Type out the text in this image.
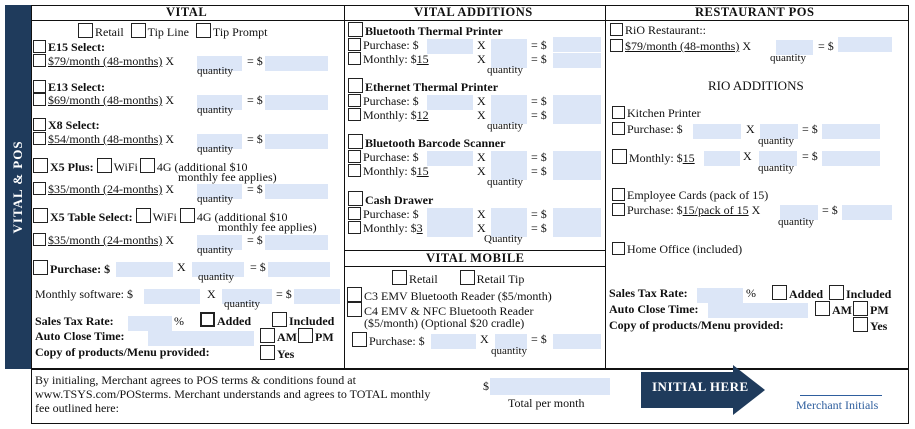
VITAL & POS
VITAL
Retail Tip Line Tip Prompt
E15 Select:
$79/month (48-months) X	= $
quantity
E13 Select:
$69/month (48-months) X	= $
quantity
X8 Select:
$54/month (48-months) X	= $
quantity
X5 Plus: WiFi 4G (additional $10
monthly fee applies)
$35/month (24-months) X	= $
quantity
X5 Table Select: WiFi 4G (additional $10
monthly fee applies)
$35/month (24-months) X	= $
quantity
Purchase: $	X	= $
quantity
Monthly software: $	X	= $
quantity
Sales Tax Rate:	%	Added	Included
Auto Close Time:	AM	PM
Copy of products/Menu provided:	Yes
VITAL ADDITIONS
Bluetooth Thermal Printer
Purchase: $	X	= $
Monthly: $15	X	= $
quantity
Ethernet Thermal Printer
Purchase: $	X	= $
Monthly: $12	X	= $
quantity
Bluetooth Barcode Scanner
Purchase: $	X	= $
Monthly: $15	X	= $
quantity
Cash Drawer
Purchase: $	X	= $
Monthly: $3	X	= $
Quantity
VITAL MOBILE
Retail	Retail Tip
C3 EMV Bluetooth Reader ($5/month)
C4 EMV & NFC Bluetooth Reader
($5/month) (Optional $20 cradle)
Purchase: $	X	= $
quantity
RESTAURANT POS
RiO Restaurant::
$79/month (48-months) X	= $
quantity
RIO ADDITIONS
Kitchen Printer
Purchase: $	X	= $
quantity
Monthly: $15	X	= $
quantity
Employee Cards (pack of 15)
Purchase: $15/pack of 15 X	= $
quantity
Home Office (included)
Sales Tax Rate:	%	Added	Included
Auto Close Time:	AM	PM
Copy of products/Menu provided:	Yes
By initialing, Merchant agrees to POS terms & conditions found at
www.TSYS.com/POSterms. Merchant understands and agrees to TOTAL monthly
fee outlined here:
$
Total per month
INITIAL HERE
Merchant Initials
